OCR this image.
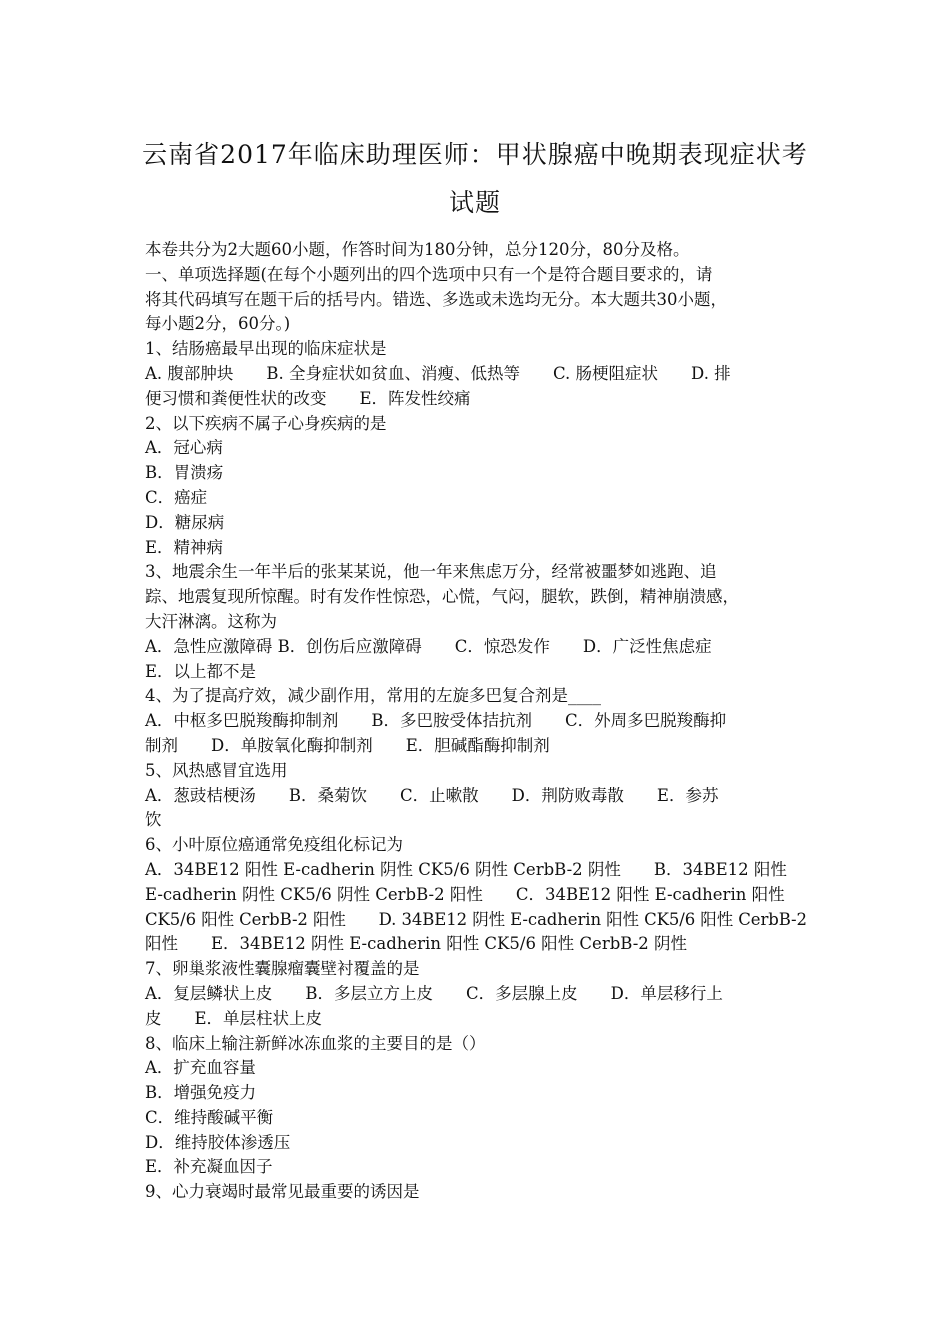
云南省2017年临床助理医师：甲状腺癌中晚期表现症状考
试题
本卷共分为2大题60小题，作答时间为180分钟，总分120分，80分及格。
一、单项选择题(在每个小题列出的四个选项中只有一个是符合题目要求的，请
将其代码填写在题干后的括号内。错选、多选或未选均无分。本大题共30小题，
每小题2分，60分。)
1、结肠癌最早出现的临床症状是
A. 腹部肿块　　B. 全身症状如贫血、消瘦、低热等　　C. 肠梗阻症状　　D. 排
便习惯和粪便性状的改变　　E．阵发性绞痛
2、以下疾病不属子心身疾病的是
A．冠心病
B．胃溃疡
C．癌症
D．糖尿病
E．精神病
3、地震余生一年半后的张某某说，他一年来焦虑万分，经常被噩梦如逃跑、追
踪、地震复现所惊醒。时有发作性惊恐，心慌，气闷，腿软，跌倒，精神崩溃感，
大汗淋漓。这称为
A．急性应激障碍 B．创伤后应激障碍　　C．惊恐发作　　D．广泛性焦虑症
E．以上都不是
4、为了提高疗效，减少副作用，常用的左旋多巴复合剂是____
A．中枢多巴脱羧酶抑制剂　　B．多巴胺受体拮抗剂　　C．外周多巴脱羧酶抑
制剂　　D．单胺氧化酶抑制剂　　E．胆碱酯酶抑制剂
5、风热感冒宜选用
A．葱豉桔梗汤　　B．桑菊饮　　C．止嗽散　　D．荆防败毒散　　E．参苏
饮
6、小叶原位癌通常免疫组化标记为
A．34BE12 阳性 E-cadherin 阴性 CK5/6 阴性 CerbB-2 阴性　　B．34BE12 阳性
E-cadherin 阴性 CK5/6 阴性 CerbB-2 阳性　　C．34BE12 阳性 E-cadherin 阳性
CK5/6 阳性 CerbB-2 阳性　　D. 34BE12 阴性 E-cadherin 阳性 CK5/6 阳性 CerbB-2
阳性　　E．34BE12 阴性 E-cadherin 阳性 CK5/6 阳性 CerbB-2 阴性
7、卵巢浆液性囊腺瘤囊壁衬覆盖的是
A．复层鳞状上皮　　B．多层立方上皮　　C．多层腺上皮　　D．单层移行上
皮　　E．单层柱状上皮
8、临床上输注新鲜冰冻血浆的主要目的是（）
A．扩充血容量
B．增强免疫力
C．维持酸碱平衡
D．维持胶体渗透压
E．补充凝血因子
9、心力衰竭时最常见最重要的诱因是
